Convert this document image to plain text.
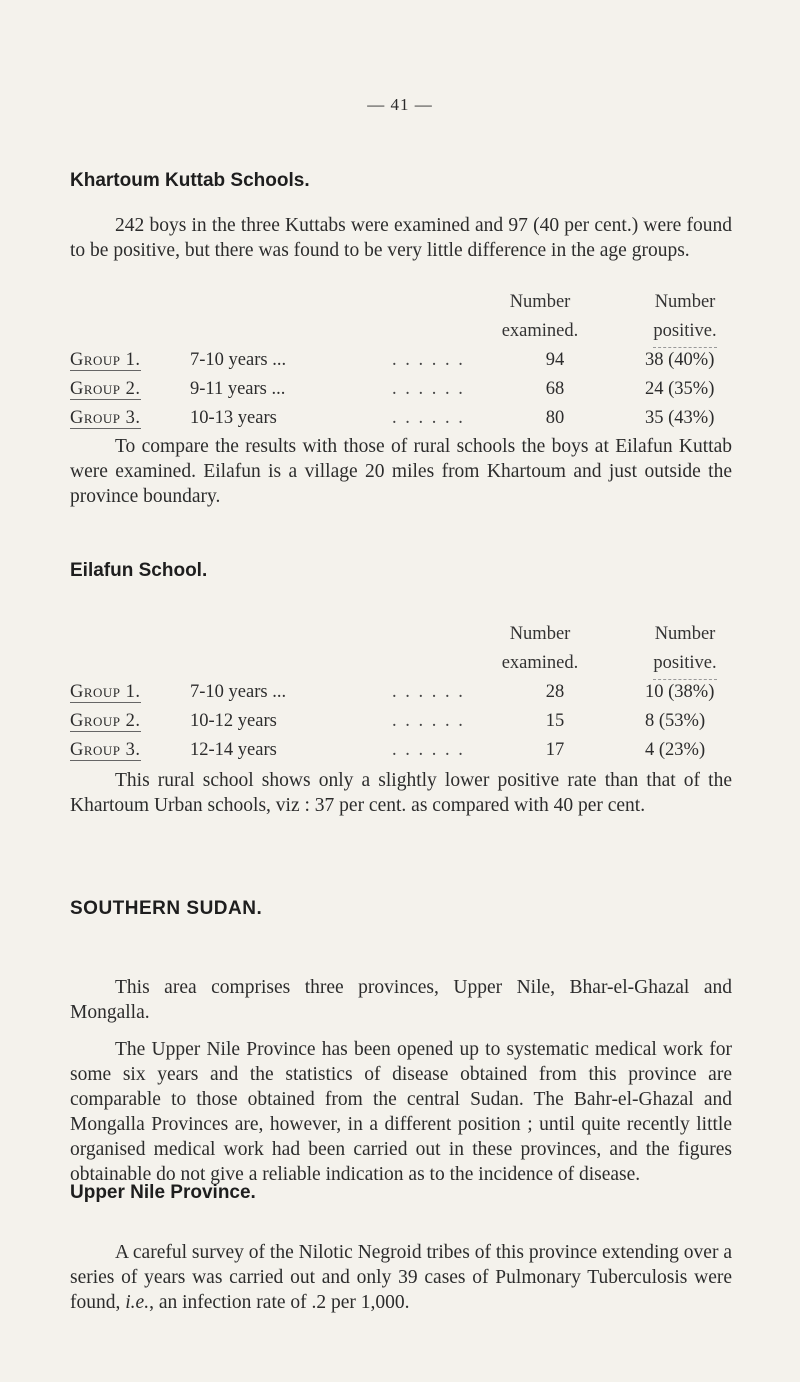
— 41 —
Khartoum Kuttab Schools.
242 boys in the three Kuttabs were examined and 97 (40 per cent.) were found to be positive, but there was found to be very little difference in the age groups.
Number
examined.
Number
positive.
Group 1.	7-10 years ...	. . . . . .	94	38 (40%)
Group 2.	9-11 years ...	. . . . . .	68	24 (35%)
Group 3.	10-13 years	. . . . . .	80	35 (43%)
To compare the results with those of rural schools the boys at Eilafun Kuttab were examined. Eilafun is a village 20 miles from Khartoum and just outside the province boundary.
Eilafun School.
Number
examined.
Number
positive.
Group 1.	7-10 years ...	. . . . . .	28	10 (38%)
Group 2.	10-12 years	. . . . . .	15	8 (53%)
Group 3.	12-14 years	. . . . . .	17	4 (23%)
This rural school shows only a slightly lower positive rate than that of the Khartoum Urban schools, viz : 37 per cent. as compared with 40 per cent.
SOUTHERN SUDAN.
This area comprises three provinces, Upper Nile, Bhar-el-Ghazal and Mongalla.
The Upper Nile Province has been opened up to systematic medical work for some six years and the statistics of disease obtained from this province are comparable to those obtained from the central Sudan. The Bahr-el-Ghazal and Mongalla Provinces are, however, in a different position ; until quite recently little organised medical work had been carried out in these provinces, and the figures obtainable do not give a reliable indication as to the incidence of disease.
Upper Nile Province.
A careful survey of the Nilotic Negroid tribes of this province extending over a series of years was carried out and only 39 cases of Pulmonary Tuberculosis were found, i.e., an infection rate of .2 per 1,000.
